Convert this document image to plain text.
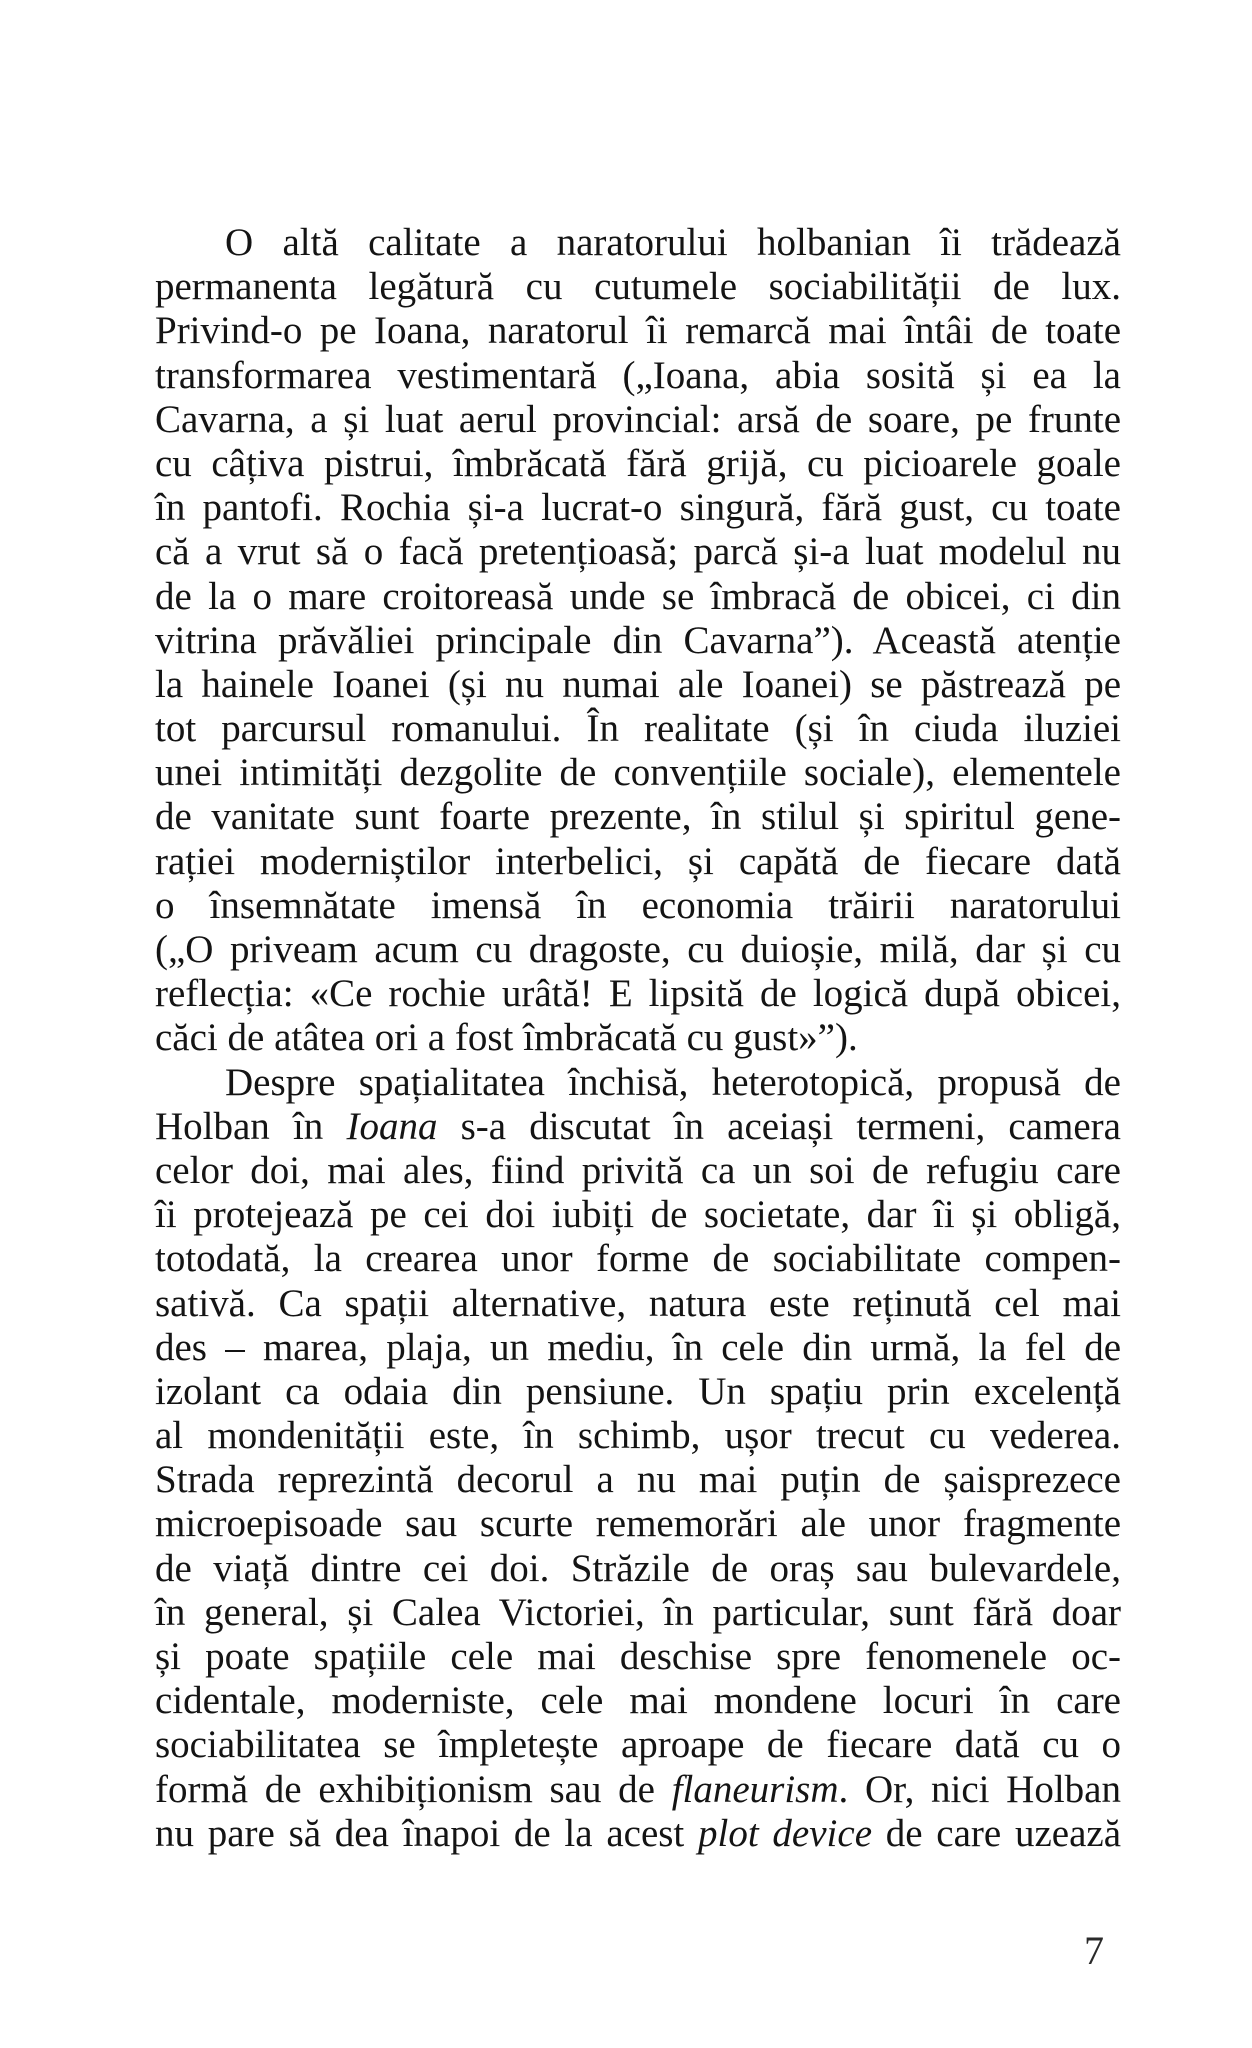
O altă calitate a naratorului holbanian îi trădează
permanenta legătură cu cutumele sociabilității de lux.
Privind-o pe Ioana, naratorul îi remarcă mai întâi de toate
transformarea vestimentară („Ioana, abia sosită și ea la
Cavarna, a și luat aerul provincial: arsă de soare, pe frunte
cu câțiva pistrui, îmbrăcată fără grijă, cu picioarele goale
în pantofi. Rochia și-a lucrat-o singură, fără gust, cu toate
că a vrut să o facă pretențioasă; parcă și-a luat modelul nu
de la o mare croitoreasă unde se îmbracă de obicei, ci din
vitrina prăvăliei principale din Cavarna”). Această atenție
la hainele Ioanei (și nu numai ale Ioanei) se păstrează pe
tot parcursul romanului. În realitate (și în ciuda iluziei
unei intimități dezgolite de convențiile sociale), elementele
de vanitate sunt foarte prezente, în stilul și spiritul gene-
rației moderniștilor interbelici, și capătă de fiecare dată
o însemnătate imensă în economia trăirii naratorului
(„O priveam acum cu dragoste, cu duioșie, milă, dar și cu
reflecția: «Ce rochie urâtă! E lipsită de logică după obicei,
căci de atâtea ori a fost îmbrăcată cu gust»”).
Despre spațialitatea închisă, heterotopică, propusă de
Holban în Ioana s-a discutat în aceiași termeni, camera
celor doi, mai ales, fiind privită ca un soi de refugiu care
îi protejează pe cei doi iubiți de societate, dar îi și obligă,
totodată, la crearea unor forme de sociabilitate compen-
sativă. Ca spații alternative, natura este reținută cel mai
des – marea, plaja, un mediu, în cele din urmă, la fel de
izolant ca odaia din pensiune. Un spațiu prin excelență
al mondenității este, în schimb, ușor trecut cu vederea.
Strada reprezintă decorul a nu mai puțin de șaisprezece
microepisoade sau scurte rememorări ale unor fragmente
de viață dintre cei doi. Străzile de oraș sau bulevardele,
în general, și Calea Victoriei, în particular, sunt fără doar
și poate spațiile cele mai deschise spre fenomenele oc-
cidentale, moderniste, cele mai mondene locuri în care
sociabilitatea se împletește aproape de fiecare dată cu o
formă de exhibiționism sau de flaneurism. Or, nici Holban
nu pare să dea înapoi de la acest plot device de care uzează
7
